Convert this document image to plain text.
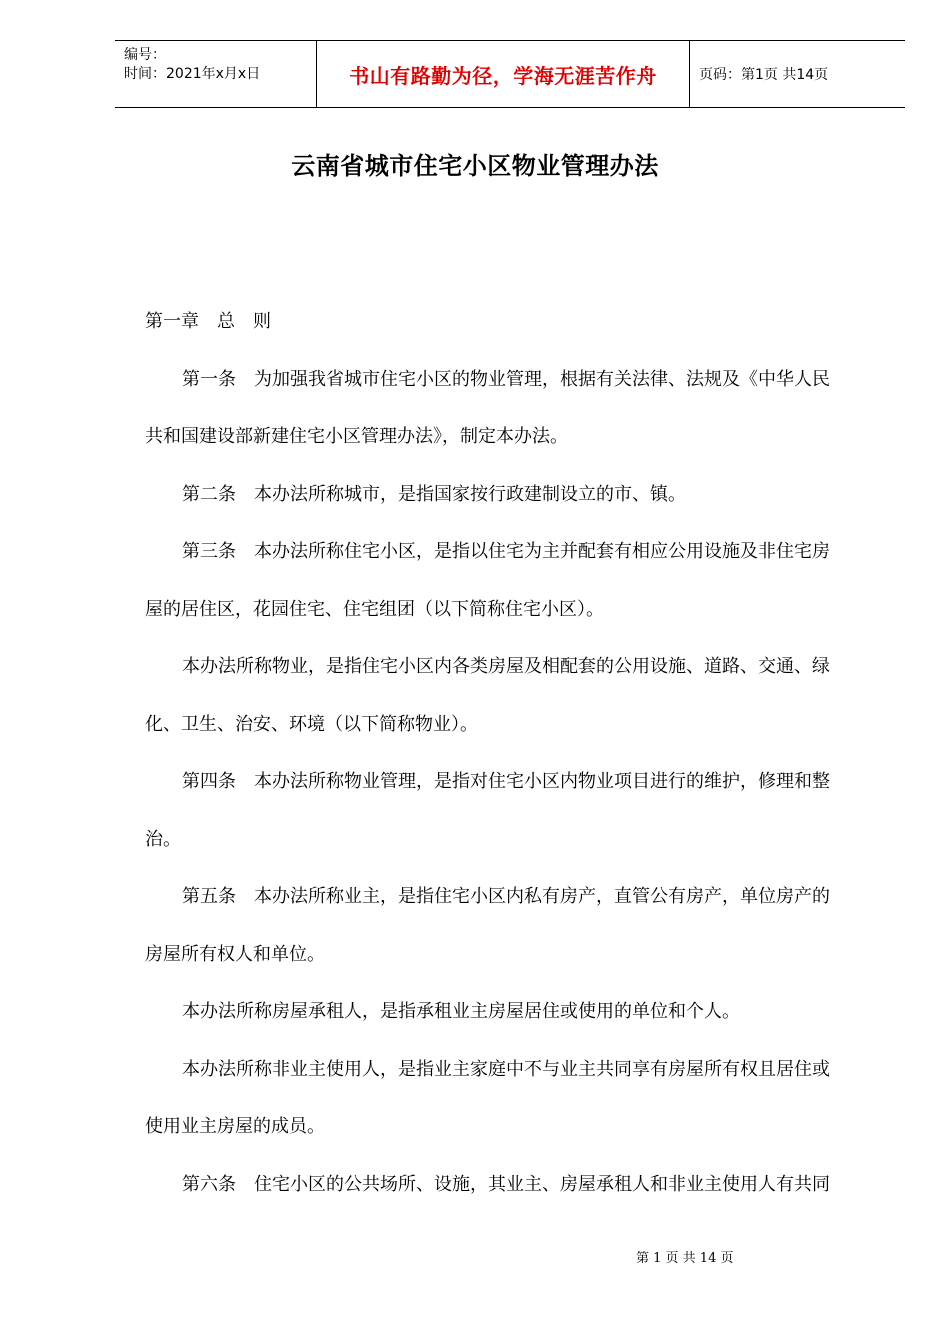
编号：
时间：2021年x月x日	书山有路勤为径，学海无涯苦作舟	页码：第1页 共14页
云南省城市住宅小区物业管理办法
第一章　总　则
第一条　为加强我省城市住宅小区的物业管理，根据有关法律、法规及《中华人民
共和国建设部新建住宅小区管理办法》，制定本办法。
第二条　本办法所称城市，是指国家按行政建制设立的市、镇。
第三条　本办法所称住宅小区，是指以住宅为主并配套有相应公用设施及非住宅房
屋的居住区，花园住宅、住宅组团（以下简称住宅小区）。
本办法所称物业，是指住宅小区内各类房屋及相配套的公用设施、道路、交通、绿
化、卫生、治安、环境（以下简称物业）。
第四条　本办法所称物业管理，是指对住宅小区内物业项目进行的维护，修理和整
治。
第五条　本办法所称业主，是指住宅小区内私有房产，直管公有房产，单位房产的
房屋所有权人和单位。
本办法所称房屋承租人，是指承租业主房屋居住或使用的单位和个人。
本办法所称非业主使用人，是指业主家庭中不与业主共同享有房屋所有权且居住或
使用业主房屋的成员。
第六条　住宅小区的公共场所、设施，其业主、房屋承租人和非业主使用人有共同
第 1 页 共 14 页
